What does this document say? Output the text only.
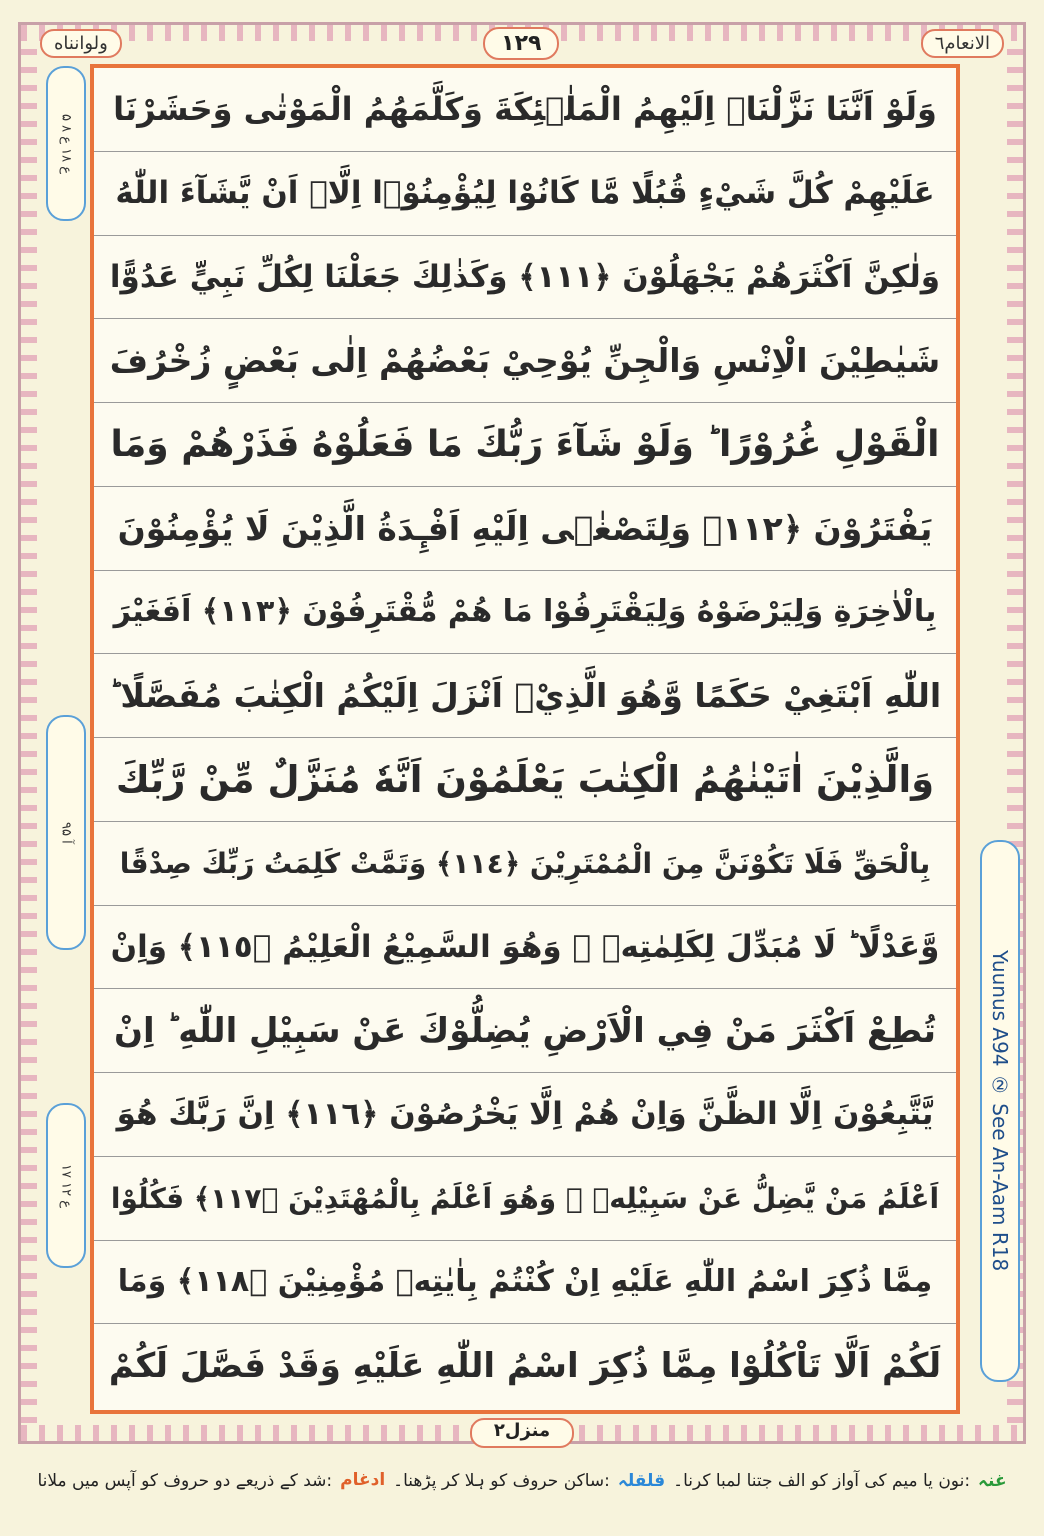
ولوانناه	١٢٩	الانعام٦
۵ ع ۱۸ ع ۸
آ ۹۵
۱۷ ع ۱۲	Yuunus A94 ② See An-Aam R18
وَلَوْ اَنَّنَا نَزَّلْنَاۤ اِلَيْهِمُ الْمَلٰۤئِكَةَ وَكَلَّمَهُمُ الْمَوْتٰى وَحَشَرْنَا
عَلَيْهِمْ كُلَّ شَيْءٍ قُبُلًا مَّا كَانُوْا لِيُؤْمِنُوْۤا اِلَّاۤ اَنْ يَّشَآءَ اللّٰهُ
وَلٰكِنَّ اَكْثَرَهُمْ يَجْهَلُوْنَ ﴿١١١﴾ وَكَذٰلِكَ جَعَلْنَا لِكُلِّ نَبِيٍّ عَدُوًّا
شَيٰطِيْنَ الْاِنْسِ وَالْجِنِّ يُوْحِيْ بَعْضُهُمْ اِلٰى بَعْضٍ زُخْرُفَ
الْقَوْلِ غُرُوْرًا ؕ وَلَوْ شَآءَ رَبُّكَ مَا فَعَلُوْهُ فَذَرْهُمْ وَمَا
يَفْتَرُوْنَ ﴿١١٢﴾ وَلِتَصْغٰۤى اِلَيْهِ اَفْـِٕدَةُ الَّذِيْنَ لَا يُؤْمِنُوْنَ
بِالْاٰخِرَةِ وَلِيَرْضَوْهُ وَلِيَقْتَرِفُوْا مَا هُمْ مُّقْتَرِفُوْنَ ﴿١١٣﴾ اَفَغَيْرَ
اللّٰهِ اَبْتَغِيْ حَكَمًا وَّهُوَ الَّذِيْۤ اَنْزَلَ اِلَيْكُمُ الْكِتٰبَ مُفَصَّلًا ؕ
وَالَّذِيْنَ اٰتَيْنٰهُمُ الْكِتٰبَ يَعْلَمُوْنَ اَنَّهٗ مُنَزَّلٌ مِّنْ رَّبِّكَ
بِالْحَقِّ فَلَا تَكُوْنَنَّ مِنَ الْمُمْتَرِيْنَ ﴿١١٤﴾ وَتَمَّتْ كَلِمَتُ رَبِّكَ صِدْقًا
وَّعَدْلًا ؕ لَا مُبَدِّلَ لِكَلِمٰتِهٖ ۚ وَهُوَ السَّمِيْعُ الْعَلِيْمُ ﴿١١٥﴾ وَاِنْ
تُطِعْ اَكْثَرَ مَنْ فِي الْاَرْضِ يُضِلُّوْكَ عَنْ سَبِيْلِ اللّٰهِ ؕ اِنْ
يَّتَّبِعُوْنَ اِلَّا الظَّنَّ وَاِنْ هُمْ اِلَّا يَخْرُصُوْنَ ﴿١١٦﴾ اِنَّ رَبَّكَ هُوَ
اَعْلَمُ مَنْ يَّضِلُّ عَنْ سَبِيْلِهٖ ۚ وَهُوَ اَعْلَمُ بِالْمُهْتَدِيْنَ ﴿١١٧﴾ فَكُلُوْا
مِمَّا ذُكِرَ اسْمُ اللّٰهِ عَلَيْهِ اِنْ كُنْتُمْ بِاٰيٰتِهٖ مُؤْمِنِيْنَ ﴿١١٨﴾ وَمَا
لَكُمْ اَلَّا تَاْكُلُوْا مِمَّا ذُكِرَ اسْمُ اللّٰهِ عَلَيْهِ وَقَدْ فَصَّلَ لَكُمْ
منزل٢
غنہ
:نون یا میم کی آواز کو الف جتنا لمبا کرنا۔
قلقلہ
:ساکن حروف کو ہلا کر پڑھنا۔
ادغام
:شد کے ذریعے دو حروف کو آپس میں ملانا
